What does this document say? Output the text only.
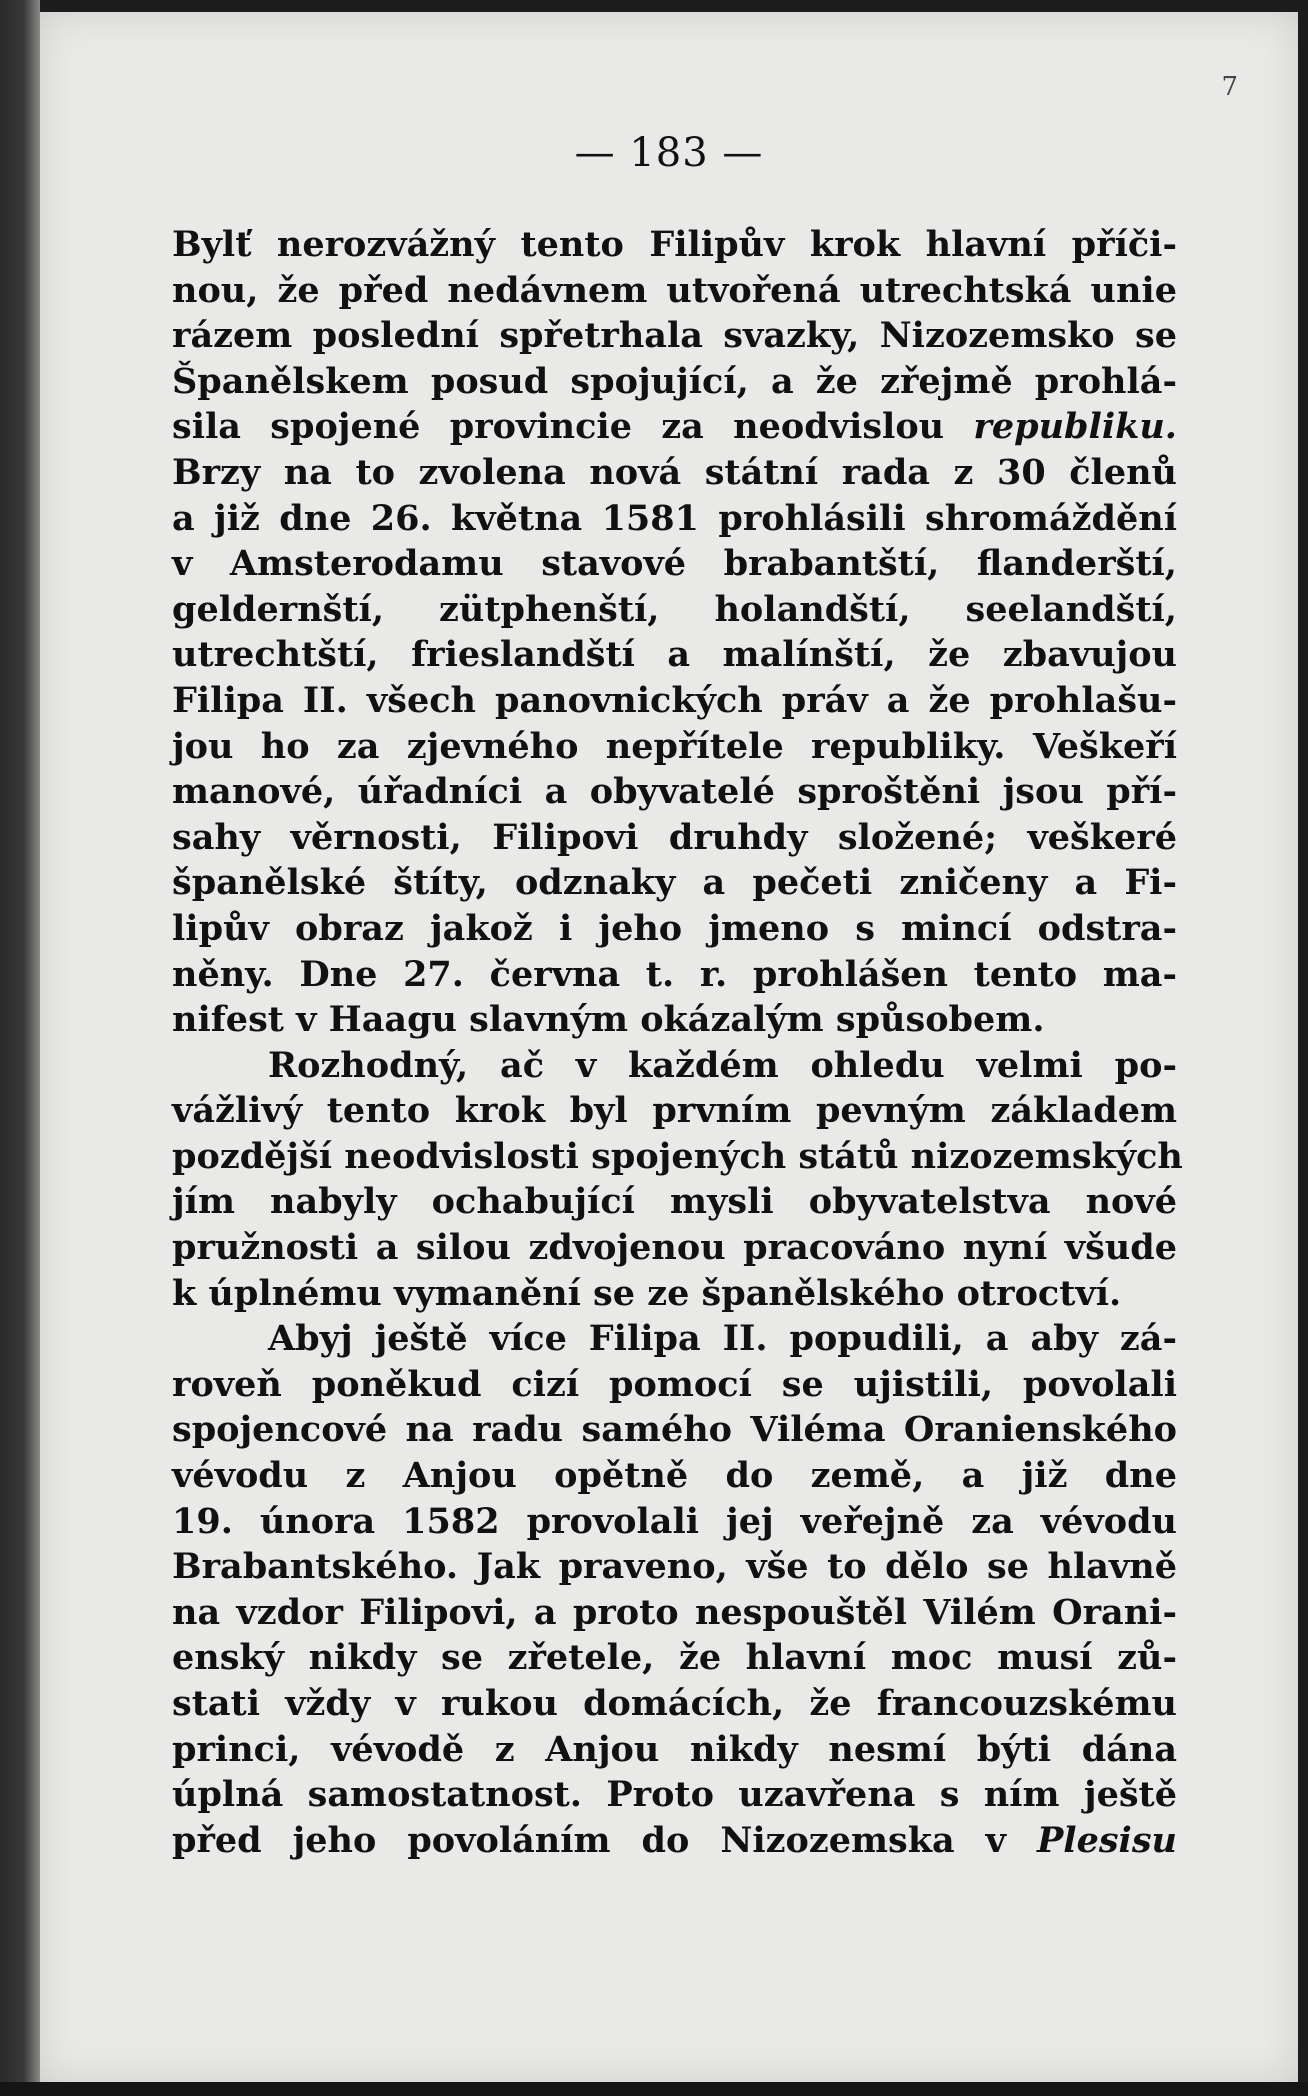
7
— 183 —
Bylť nerozvážný tento Filipův krok hlavní příči-
nou, že před nedávnem utvořená utrechtská unie
rázem poslední spřetrhala svazky, Nizozemsko se
Španělskem posud spojující, a že zřejmě prohlá-
sila spojené provincie za neodvislou republiku.
Brzy na to zvolena nová státní rada z 30 členů
a již dne 26. května 1581 prohlásili shromáždění
v Amsterodamu stavové brabantští, flanderští,
geldernští, zütphenští, holandští, seelandští,
utrechtští, frieslandští a malínští, že zbavujou
Filipa II. všech panovnických práv a že prohlašu-
jou ho za zjevného nepřítele republiky. Veškeří
manové, úřadníci a obyvatelé sproštěni jsou pří-
sahy věrnosti, Filipovi druhdy složené; veškeré
španělské štíty, odznaky a pečeti zničeny a Fi-
lipův obraz jakož i jeho jmeno s mincí odstra-
něny. Dne 27. června t. r. prohlášen tento ma-
nifest v Haagu slavným okázalým spůsobem.
Rozhodný, ač v každém ohledu velmi po-
vážlivý tento krok byl prvním pevným základem
pozdější neodvislosti spojených států nizozemských
jím nabyly ochabující mysli obyvatelstva nové
pružnosti a silou zdvojenou pracováno nyní všude
k úplnému vymanění se ze španělského otroctví.
Abyj ještě více Filipa II. popudili, a aby zá-
roveň poněkud cizí pomocí se ujistili, povolali
spojencové na radu samého Viléma Oranienského
vévodu z Anjou opětně do země, a již dne
19. února 1582 provolali jej veřejně za vévodu
Brabantského. Jak praveno, vše to dělo se hlavně
na vzdor Filipovi, a proto nespouštěl Vilém Orani-
enský nikdy se zřetele, že hlavní moc musí zů-
stati vždy v rukou domácích, že francouzskému
princi, vévodě z Anjou nikdy nesmí býti dána
úplná samostatnost. Proto uzavřena s ním ještě
před jeho povoláním do Nizozemska v Plesisu
